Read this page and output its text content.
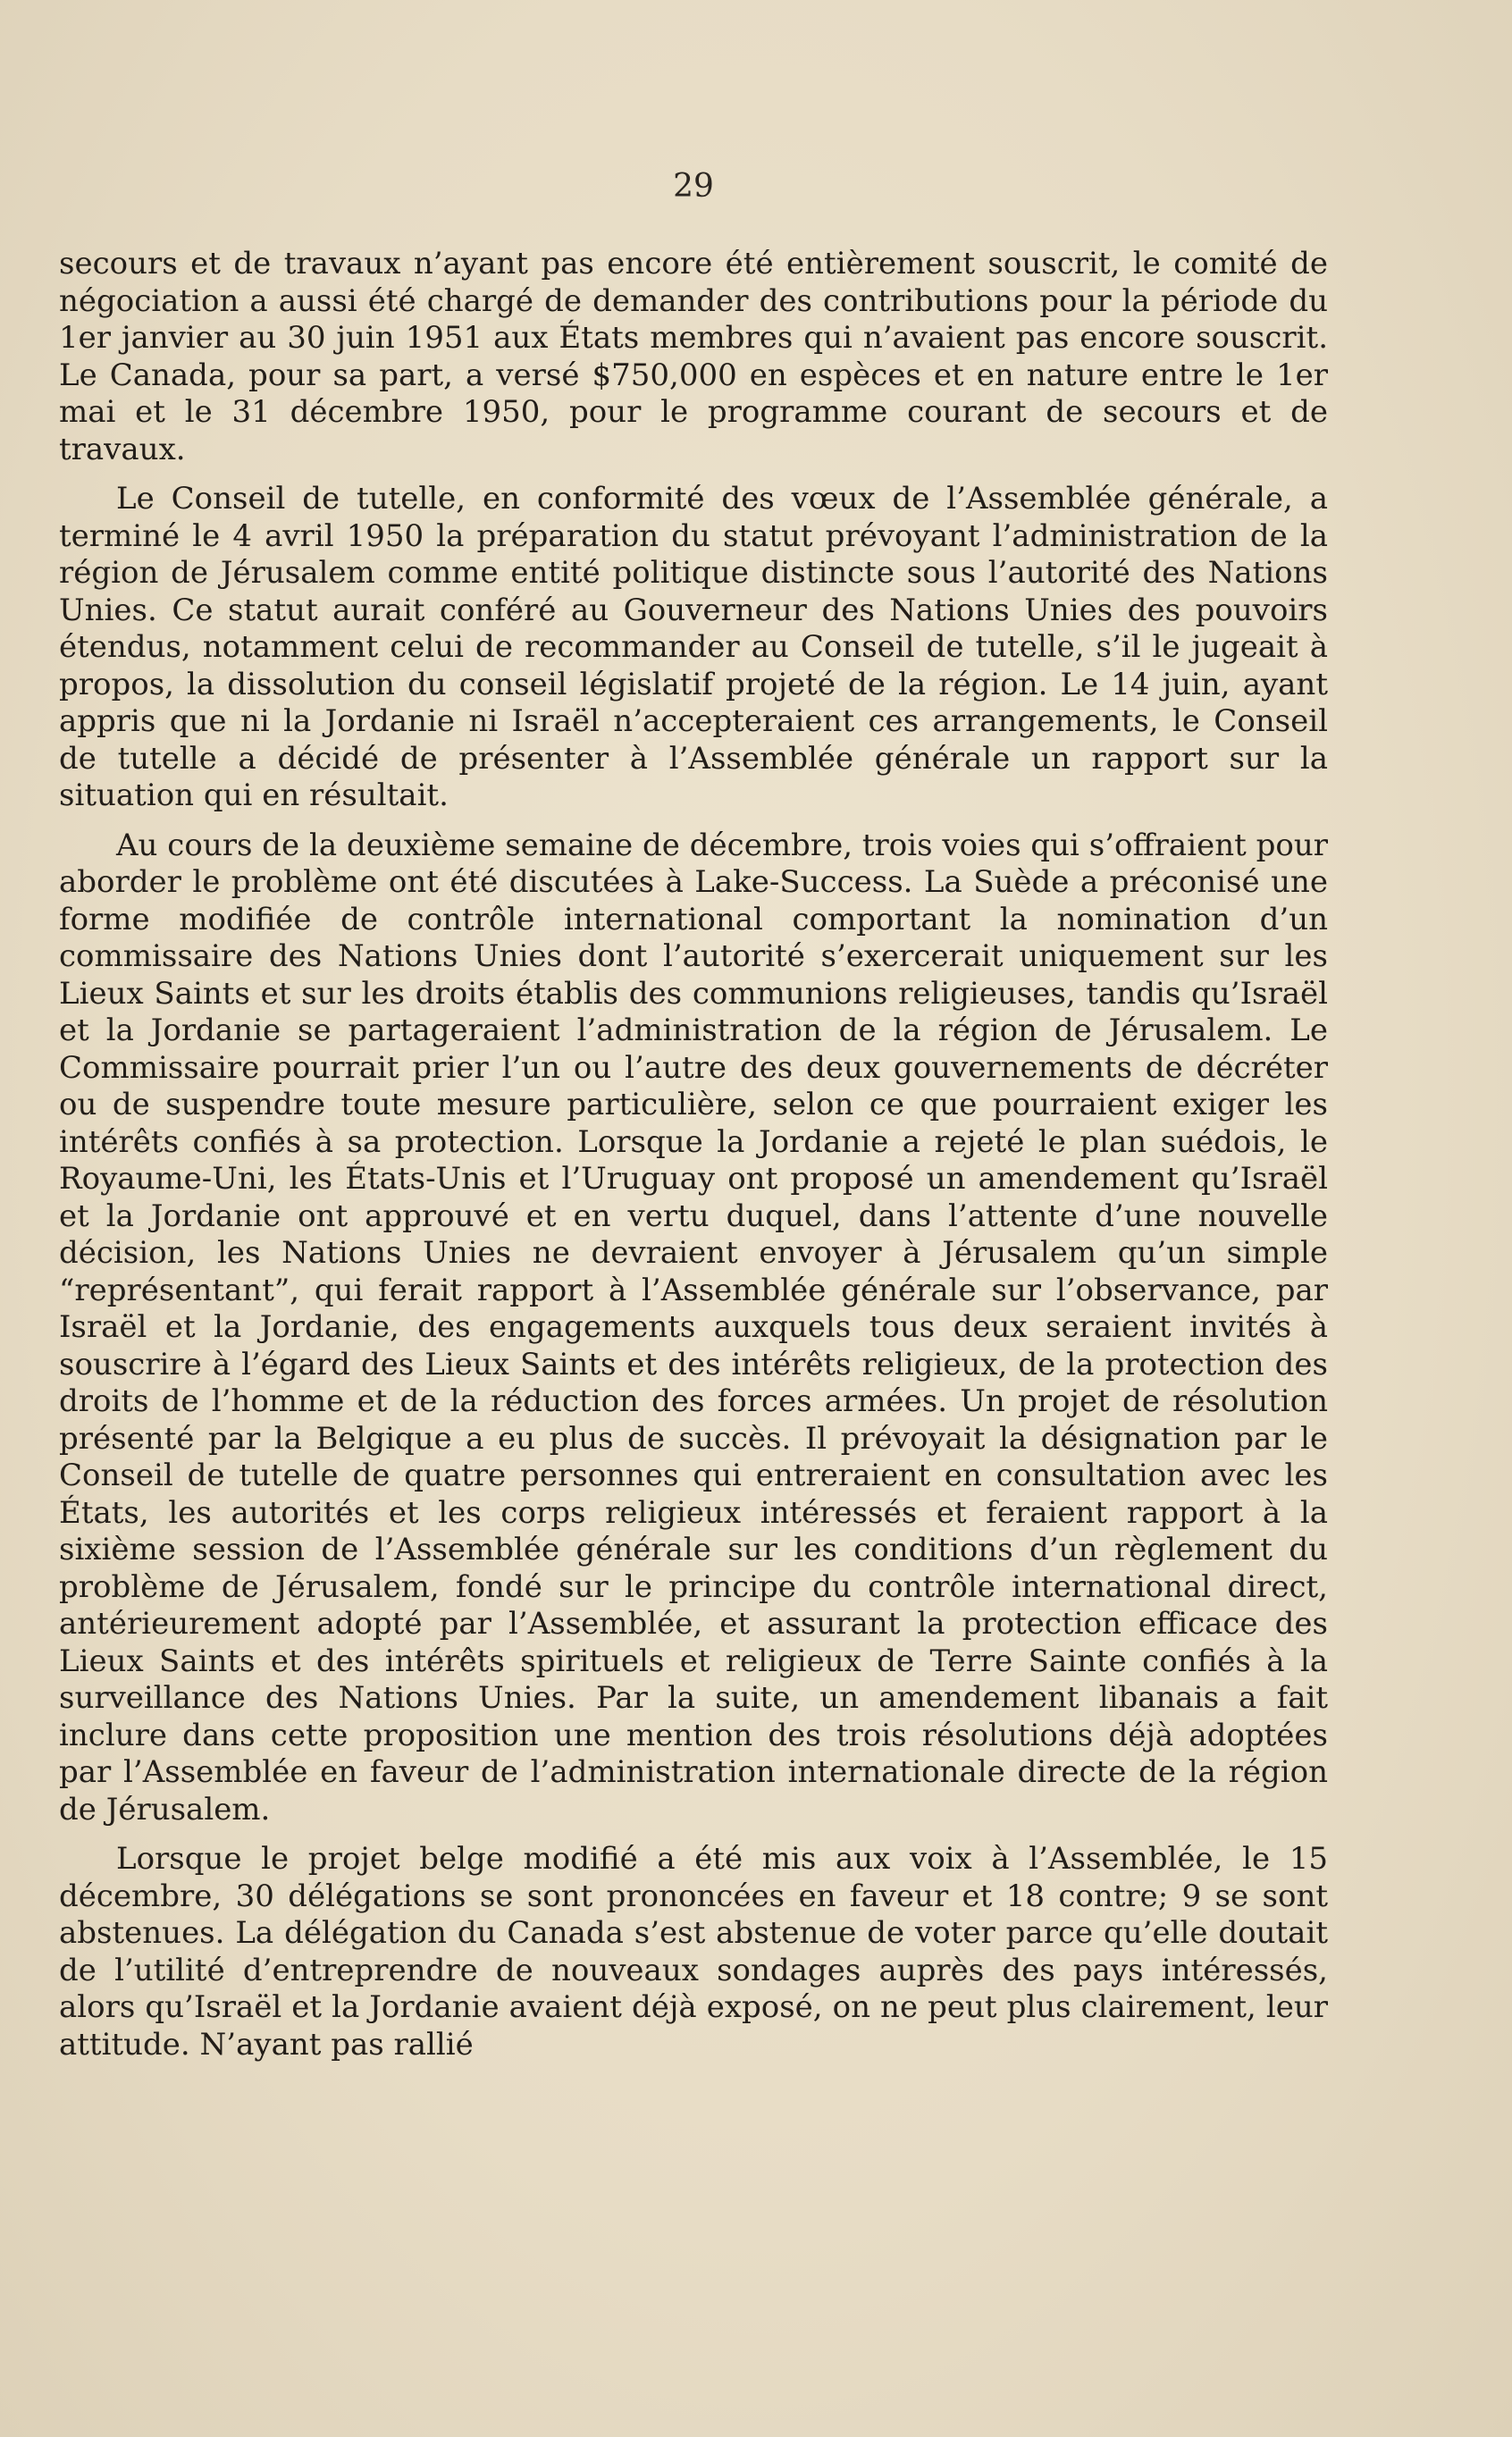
29

secours et de travaux n’ayant pas encore été entièrement souscrit, le comité de négociation a aussi été chargé de demander des contributions pour la période du 1er janvier au 30 juin 1951 aux États membres qui n’avaient pas encore souscrit. Le Canada, pour sa part, a versé $750,000 en espèces et en nature entre le 1er mai et le 31 décembre 1950, pour le programme courant de secours et de travaux.

Le Conseil de tutelle, en conformité des vœux de l’Assemblée générale, a terminé le 4 avril 1950 la préparation du statut prévoyant l’administration de la région de Jérusalem comme entité politique distincte sous l’autorité des Nations Unies. Ce statut aurait conféré au Gouverneur des Nations Unies des pouvoirs étendus, notamment celui de recommander au Conseil de tutelle, s’il le jugeait à propos, la dissolution du conseil législatif projeté de la région. Le 14 juin, ayant appris que ni la Jordanie ni Israël n’accepteraient ces arrangements, le Conseil de tutelle a décidé de présenter à l’Assemblée générale un rapport sur la situation qui en résultait.

Au cours de la deuxième semaine de décembre, trois voies qui s’offraient pour aborder le problème ont été discutées à Lake-Success. La Suède a préconisé une forme modifiée de contrôle international comportant la nomination d’un commissaire des Nations Unies dont l’autorité s’exercerait uniquement sur les Lieux Saints et sur les droits établis des communions religieuses, tandis qu’Israël et la Jordanie se partageraient l’administration de la région de Jérusalem. Le Commissaire pourrait prier l’un ou l’autre des deux gouvernements de décréter ou de suspendre toute mesure particulière, selon ce que pourraient exiger les intérêts confiés à sa protection. Lorsque la Jordanie a rejeté le plan suédois, le Royaume-Uni, les États-Unis et l’Uruguay ont proposé un amendement qu’Israël et la Jordanie ont approuvé et en vertu duquel, dans l’attente d’une nouvelle décision, les Nations Unies ne devraient envoyer à Jérusalem qu’un simple “représentant”, qui ferait rapport à l’Assemblée générale sur l’observance, par Israël et la Jordanie, des engagements auxquels tous deux seraient invités à souscrire à l’égard des Lieux Saints et des intérêts religieux, de la protection des droits de l’homme et de la réduction des forces armées. Un projet de résolution présenté par la Belgique a eu plus de succès. Il prévoyait la désignation par le Conseil de tutelle de quatre personnes qui entreraient en consultation avec les États, les autorités et les corps religieux intéressés et feraient rapport à la sixième session de l’Assemblée générale sur les conditions d’un règlement du problème de Jérusalem, fondé sur le principe du contrôle international direct, antérieurement adopté par l’Assemblée, et assurant la protection efficace des Lieux Saints et des intérêts spirituels et religieux de Terre Sainte confiés à la surveillance des Nations Unies. Par la suite, un amendement libanais a fait inclure dans cette proposition une mention des trois résolutions déjà adoptées par l’Assemblée en faveur de l’administration internationale directe de la région de Jérusalem.

Lorsque le projet belge modifié a été mis aux voix à l’Assemblée, le 15 décembre, 30 délégations se sont prononcées en faveur et 18 contre; 9 se sont abstenues. La délégation du Canada s’est abstenue de voter parce qu’elle doutait de l’utilité d’entreprendre de nouveaux sondages auprès des pays intéressés, alors qu’Israël et la Jordanie avaient déjà exposé, on ne peut plus clairement, leur attitude. N’ayant pas rallié
